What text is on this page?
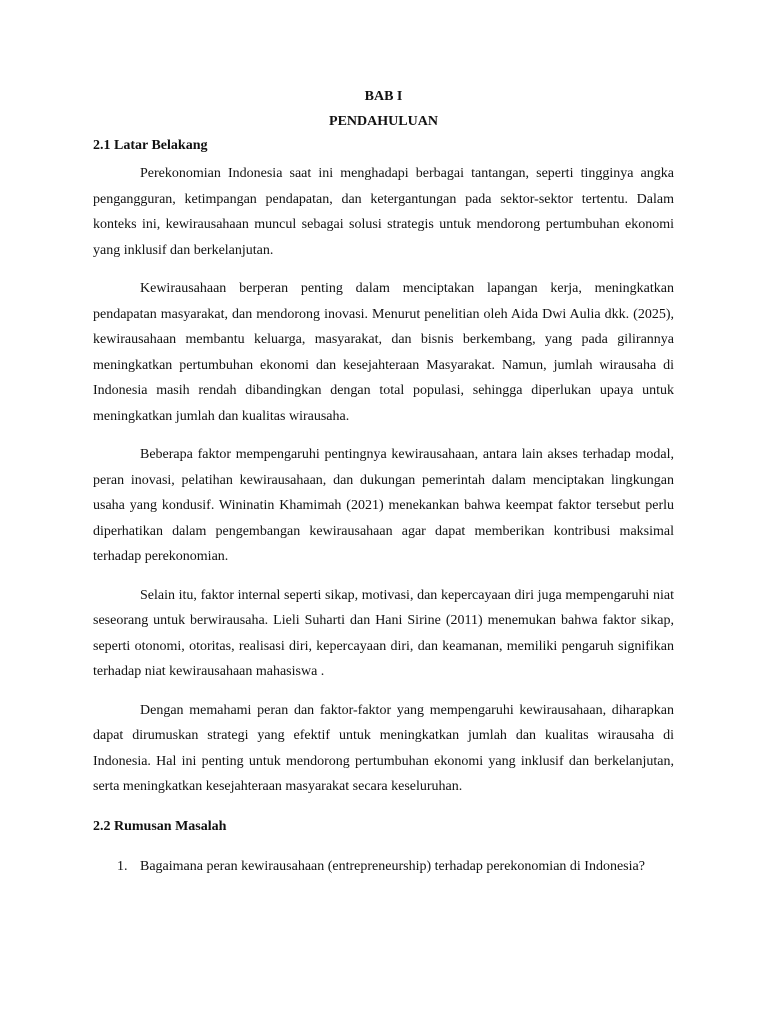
BAB I
PENDAHULUAN
2.1 Latar Belakang

Perekonomian Indonesia saat ini menghadapi berbagai tantangan, seperti tingginya angka pengangguran, ketimpangan pendapatan, dan ketergantungan pada sektor-sektor tertentu. Dalam konteks ini, kewirausahaan muncul sebagai solusi strategis untuk mendorong pertumbuhan ekonomi yang inklusif dan berkelanjutan.

Kewirausahaan berperan penting dalam menciptakan lapangan kerja, meningkatkan pendapatan masyarakat, dan mendorong inovasi. Menurut penelitian oleh Aida Dwi Aulia dkk. (2025), kewirausahaan membantu keluarga, masyarakat, dan bisnis berkembang, yang pada gilirannya meningkatkan pertumbuhan ekonomi dan kesejahteraan Masyarakat. Namun, jumlah wirausaha di Indonesia masih rendah dibandingkan dengan total populasi, sehingga diperlukan upaya untuk meningkatkan jumlah dan kualitas wirausaha.

Beberapa faktor mempengaruhi pentingnya kewirausahaan, antara lain akses terhadap modal, peran inovasi, pelatihan kewirausahaan, dan dukungan pemerintah dalam menciptakan lingkungan usaha yang kondusif. Wininatin Khamimah (2021) menekankan bahwa keempat faktor tersebut perlu diperhatikan dalam pengembangan kewirausahaan agar dapat memberikan kontribusi maksimal terhadap perekonomian.

Selain itu, faktor internal seperti sikap, motivasi, dan kepercayaan diri juga mempengaruhi niat seseorang untuk berwirausaha. Lieli Suharti dan Hani Sirine (2011) menemukan bahwa faktor sikap, seperti otonomi, otoritas, realisasi diri, kepercayaan diri, dan keamanan, memiliki pengaruh signifikan terhadap niat kewirausahaan mahasiswa .

Dengan memahami peran dan faktor-faktor yang mempengaruhi kewirausahaan, diharapkan dapat dirumuskan strategi yang efektif untuk meningkatkan jumlah dan kualitas wirausaha di Indonesia. Hal ini penting untuk mendorong pertumbuhan ekonomi yang inklusif dan berkelanjutan, serta meningkatkan kesejahteraan masyarakat secara keseluruhan.

2.2 Rumusan Masalah
1. Bagaimana peran kewirausahaan (entrepreneurship) terhadap perekonomian di Indonesia?
